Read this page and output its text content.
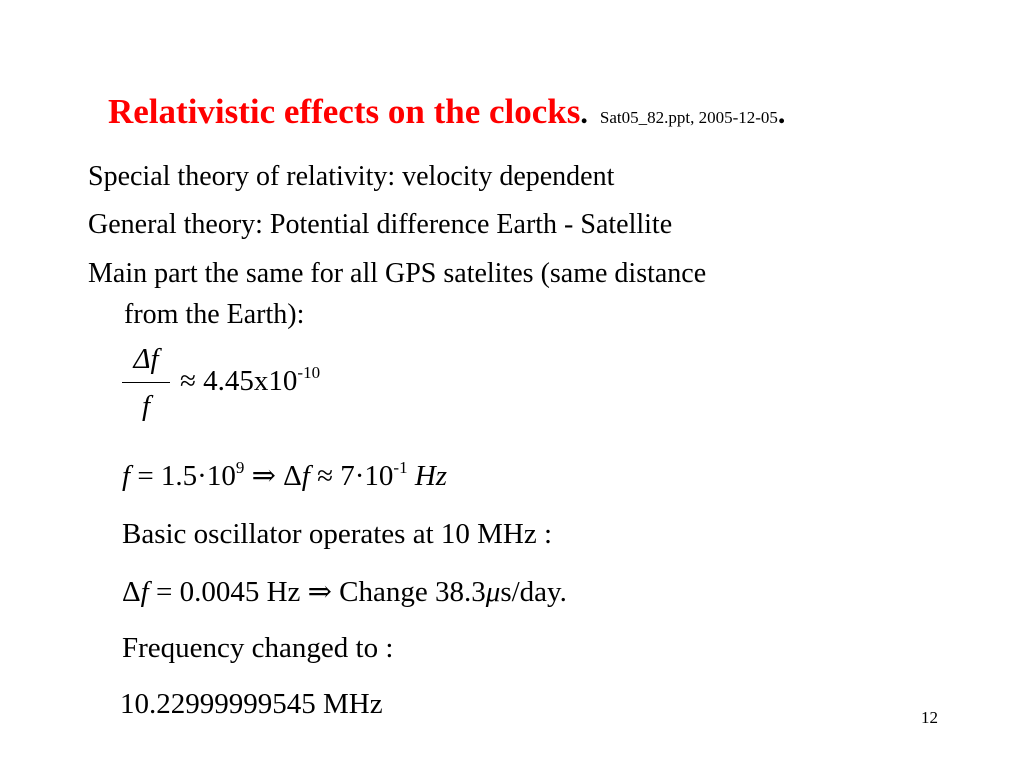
Relativistic effects on the clocks. Sat05_82.ppt, 2005-12-05.
Special theory of relativity: velocity dependent
General theory: Potential difference Earth - Satellite
Main part the same for all GPS satelites (same distance
from the Earth):
Δf
f
≈ $4.45x10^{-10}$
$f = 1.5\cdot 10^9$ ⇒ $\Delta f \approx 7\cdot 10^{-1}$ Hz
Basic oscillator operates at 10 MHz :
Δf = 0.0045 Hz ⇒ Change 38.3μs/day.
Frequency changed to :
10.22999999545 MHz	12
